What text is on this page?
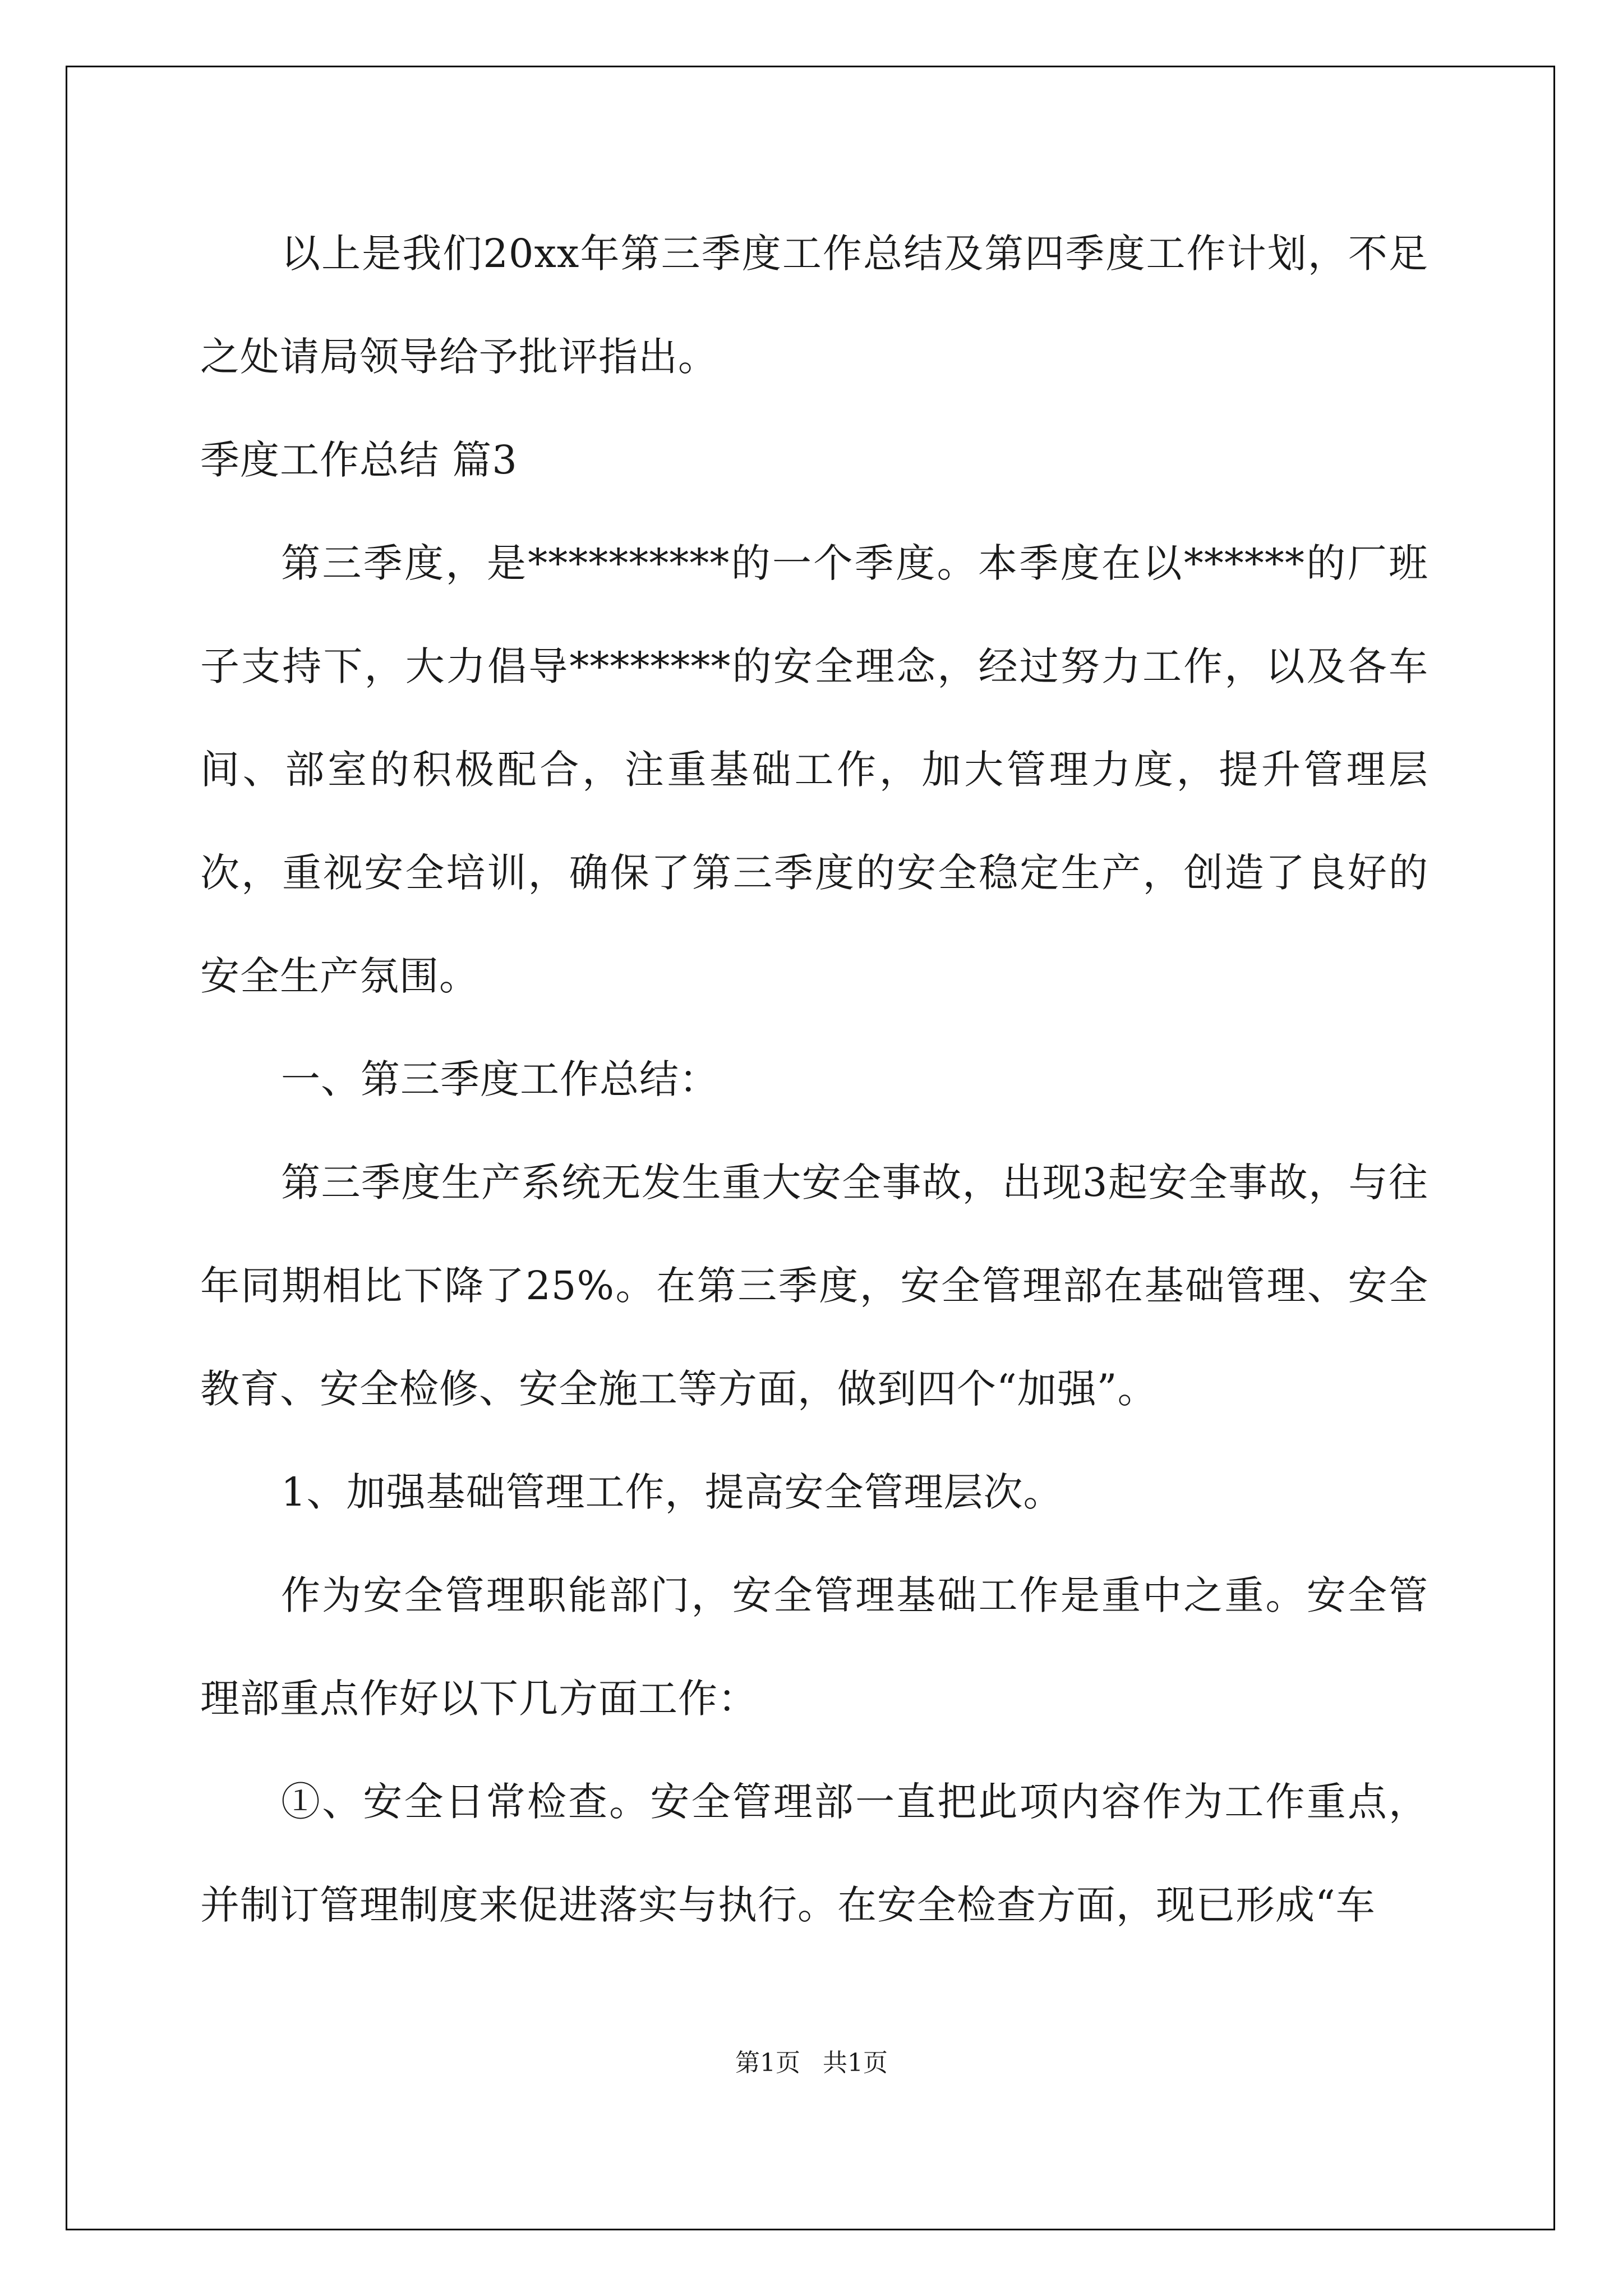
以上是我们20xx年第三季度工作总结及第四季度工作计划，不足之处请局领导给予批评指出。

季度工作总结 篇3

第三季度，是**********的一个季度。本季度在以******的厂班子支持下，大力倡导********的安全理念，经过努力工作，以及各车间、部室的积极配合，注重基础工作，加大管理力度，提升管理层次，重视安全培训，确保了第三季度的安全稳定生产，创造了良好的安全生产氛围。

一、第三季度工作总结：

第三季度生产系统无发生重大安全事故，出现3起安全事故，与往年同期相比下降了25%。在第三季度，安全管理部在基础管理、安全教育、安全检修、安全施工等方面，做到四个“加强”。

1、加强基础管理工作，提高安全管理层次。

作为安全管理职能部门，安全管理基础工作是重中之重。安全管理部重点作好以下几方面工作：

①、安全日常检查。安全管理部一直把此项内容作为工作重点，并制订管理制度来促进落实与执行。在安全检查方面，现已形成“车

第1页 共1页
